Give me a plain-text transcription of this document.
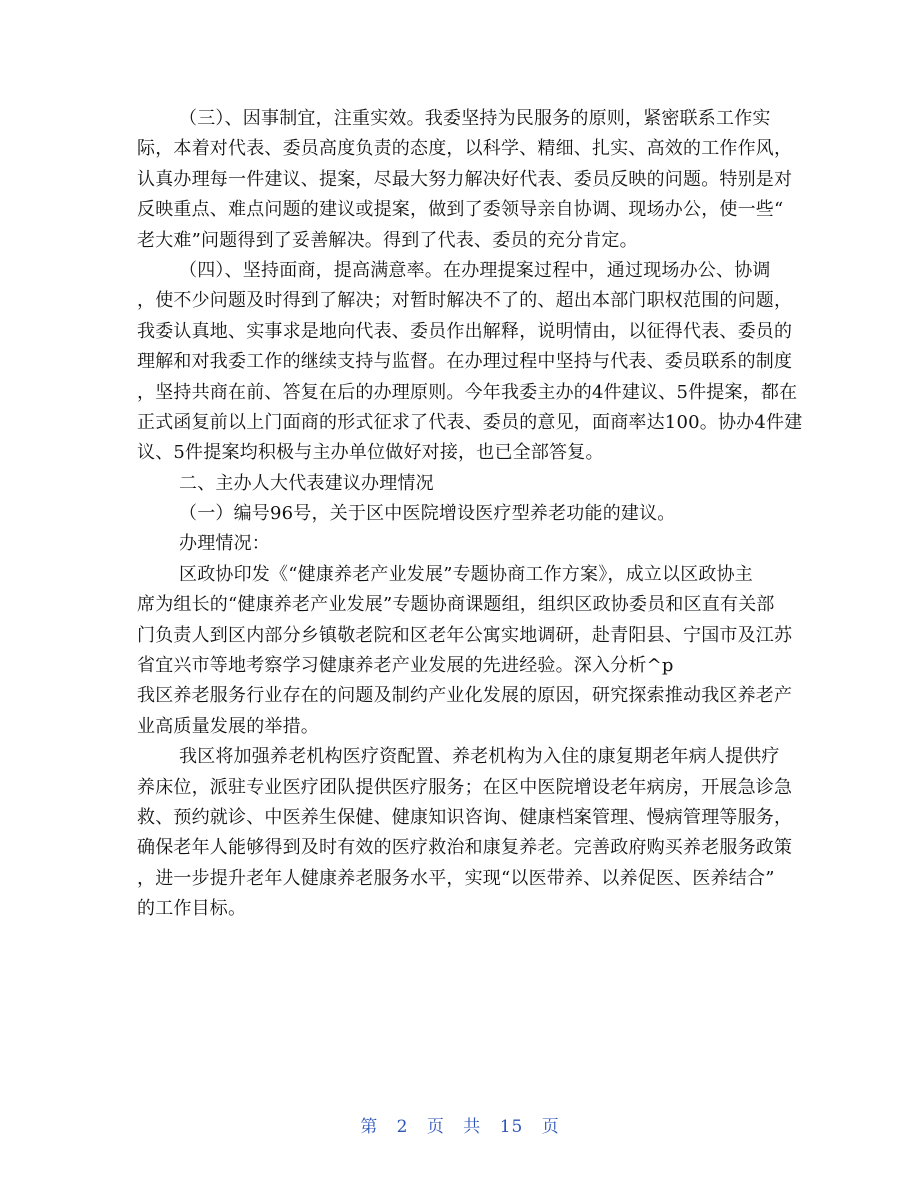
（三）、因事制宜，注重实效。我委坚持为民服务的原则，紧密联系工作实
际，本着对代表、委员高度负责的态度，以科学、精细、扎实、高效的工作作风，
认真办理每一件建议、提案，尽最大努力解决好代表、委员反映的问题。特别是对
反映重点、难点问题的建议或提案，做到了委领导亲自协调、现场办公，使一些“
老大难”问题得到了妥善解决。得到了代表、委员的充分肯定。
（四）、坚持面商，提高满意率。在办理提案过程中，通过现场办公、协调
，使不少问题及时得到了解决；对暂时解决不了的、超出本部门职权范围的问题，
我委认真地、实事求是地向代表、委员作出解释，说明情由，以征得代表、委员的
理解和对我委工作的继续支持与监督。在办理过程中坚持与代表、委员联系的制度
，坚持共商在前、答复在后的办理原则。今年我委主办的4件建议、5件提案，都在
正式函复前以上门面商的形式征求了代表、委员的意见，面商率达100。协办4件建
议、5件提案均积极与主办单位做好对接，也已全部答复。
二、主办人大代表建议办理情况
（一）编号96号，关于区中医院增设医疗型养老功能的建议。
办理情况：
区政协印发《“健康养老产业发展”专题协商工作方案》，成立以区政协主
席为组长的“健康养老产业发展”专题协商课题组，组织区政协委员和区直有关部
门负责人到区内部分乡镇敬老院和区老年公寓实地调研，赴青阳县、宁国市及江苏
省宜兴市等地考察学习健康养老产业发展的先进经验。深入分析^p
我区养老服务行业存在的问题及制约产业化发展的原因，研究探索推动我区养老产
业高质量发展的举措。
我区将加强养老机构医疗资配置、养老机构为入住的康复期老年病人提供疗
养床位，派驻专业医疗团队提供医疗服务；在区中医院增设老年病房，开展急诊急
救、预约就诊、中医养生保健、健康知识咨询、健康档案管理、慢病管理等服务，
确保老年人能够得到及时有效的医疗救治和康复养老。完善政府购买养老服务政策
，进一步提升老年人健康养老服务水平，实现“以医带养、以养促医、医养结合”
的工作目标。
第 2 页 共 15 页
